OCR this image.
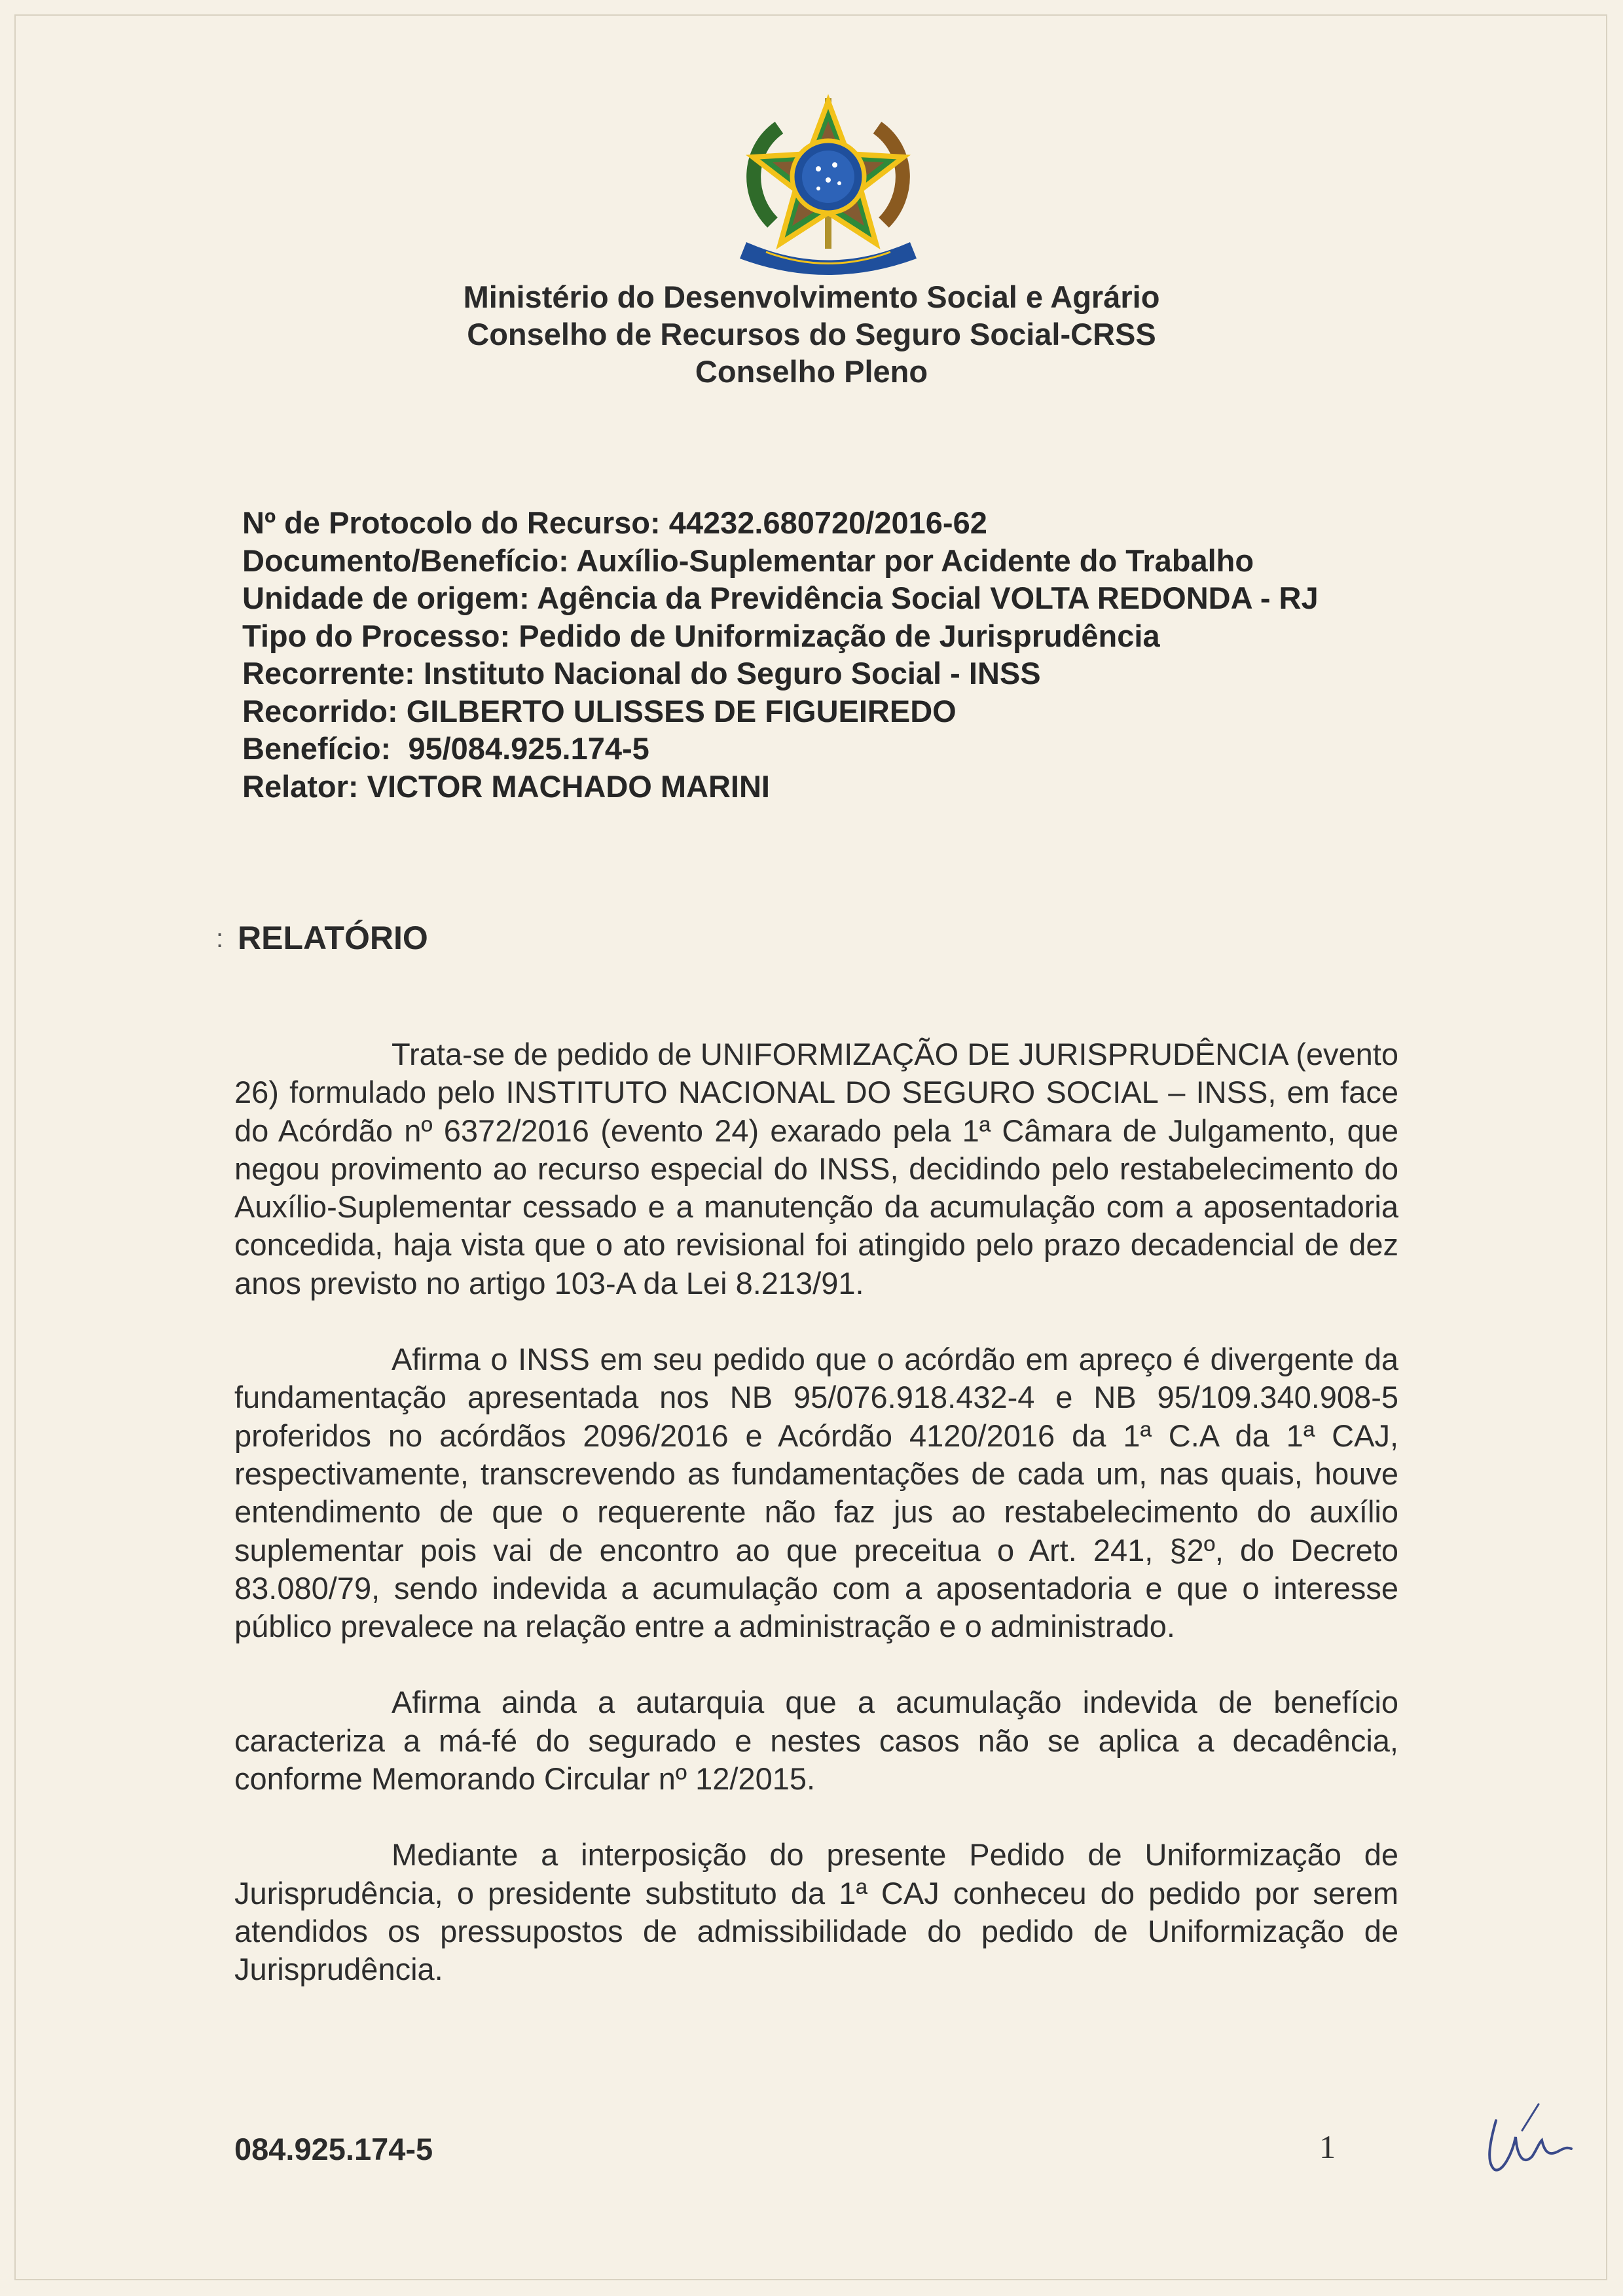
Ministério do Desenvolvimento Social e Agrário
Conselho de Recursos do Seguro Social-CRSS
Conselho Pleno
Nº de Protocolo do Recurso: 44232.680720/2016-62
Documento/Benefício: Auxílio-Suplementar por Acidente do Trabalho
Unidade de origem: Agência da Previdência Social VOLTA REDONDA - RJ
Tipo do Processo: Pedido de Uniformização de Jurisprudência
Recorrente: Instituto Nacional do Seguro Social - INSS
Recorrido: GILBERTO ULISSES DE FIGUEIREDO
Benefício: 95/084.925.174-5
Relator: VICTOR MACHADO MARINI
: RELATÓRIO

Trata-se de pedido de UNIFORMIZAÇÃO DE JURISPRUDÊNCIA (evento 26) formulado pelo INSTITUTO NACIONAL DO SEGURO SOCIAL – INSS, em face do Acórdão nº 6372/2016 (evento 24) exarado pela 1ª Câmara de Julgamento, que negou provimento ao recurso especial do INSS, decidindo pelo restabelecimento do Auxílio-Suplementar cessado e a manutenção da acumulação com a aposentadoria concedida, haja vista que o ato revisional foi atingido pelo prazo decadencial de dez anos previsto no artigo 103-A da Lei 8.213/91.

Afirma o INSS em seu pedido que o acórdão em apreço é divergente da fundamentação apresentada nos NB 95/076.918.432-4 e NB 95/109.340.908-5 proferidos no acórdãos 2096/2016 e Acórdão 4120/2016 da 1ª C.A da 1ª CAJ, respectivamente, transcrevendo as fundamentações de cada um, nas quais, houve entendimento de que o requerente não faz jus ao restabelecimento do auxílio suplementar pois vai de encontro ao que preceitua o Art. 241, §2º, do Decreto 83.080/79, sendo indevida a acumulação com a aposentadoria e que o interesse público prevalece na relação entre a administração e o administrado.

Afirma ainda a autarquia que a acumulação indevida de benefício caracteriza a má-fé do segurado e nestes casos não se aplica a decadência, conforme Memorando Circular nº 12/2015.

Mediante a interposição do presente Pedido de Uniformização de Jurisprudência, o presidente substituto da 1ª CAJ conheceu do pedido por serem atendidos os pressupostos de admissibilidade do pedido de Uniformização de Jurisprudência.

084.925.174-5	1
